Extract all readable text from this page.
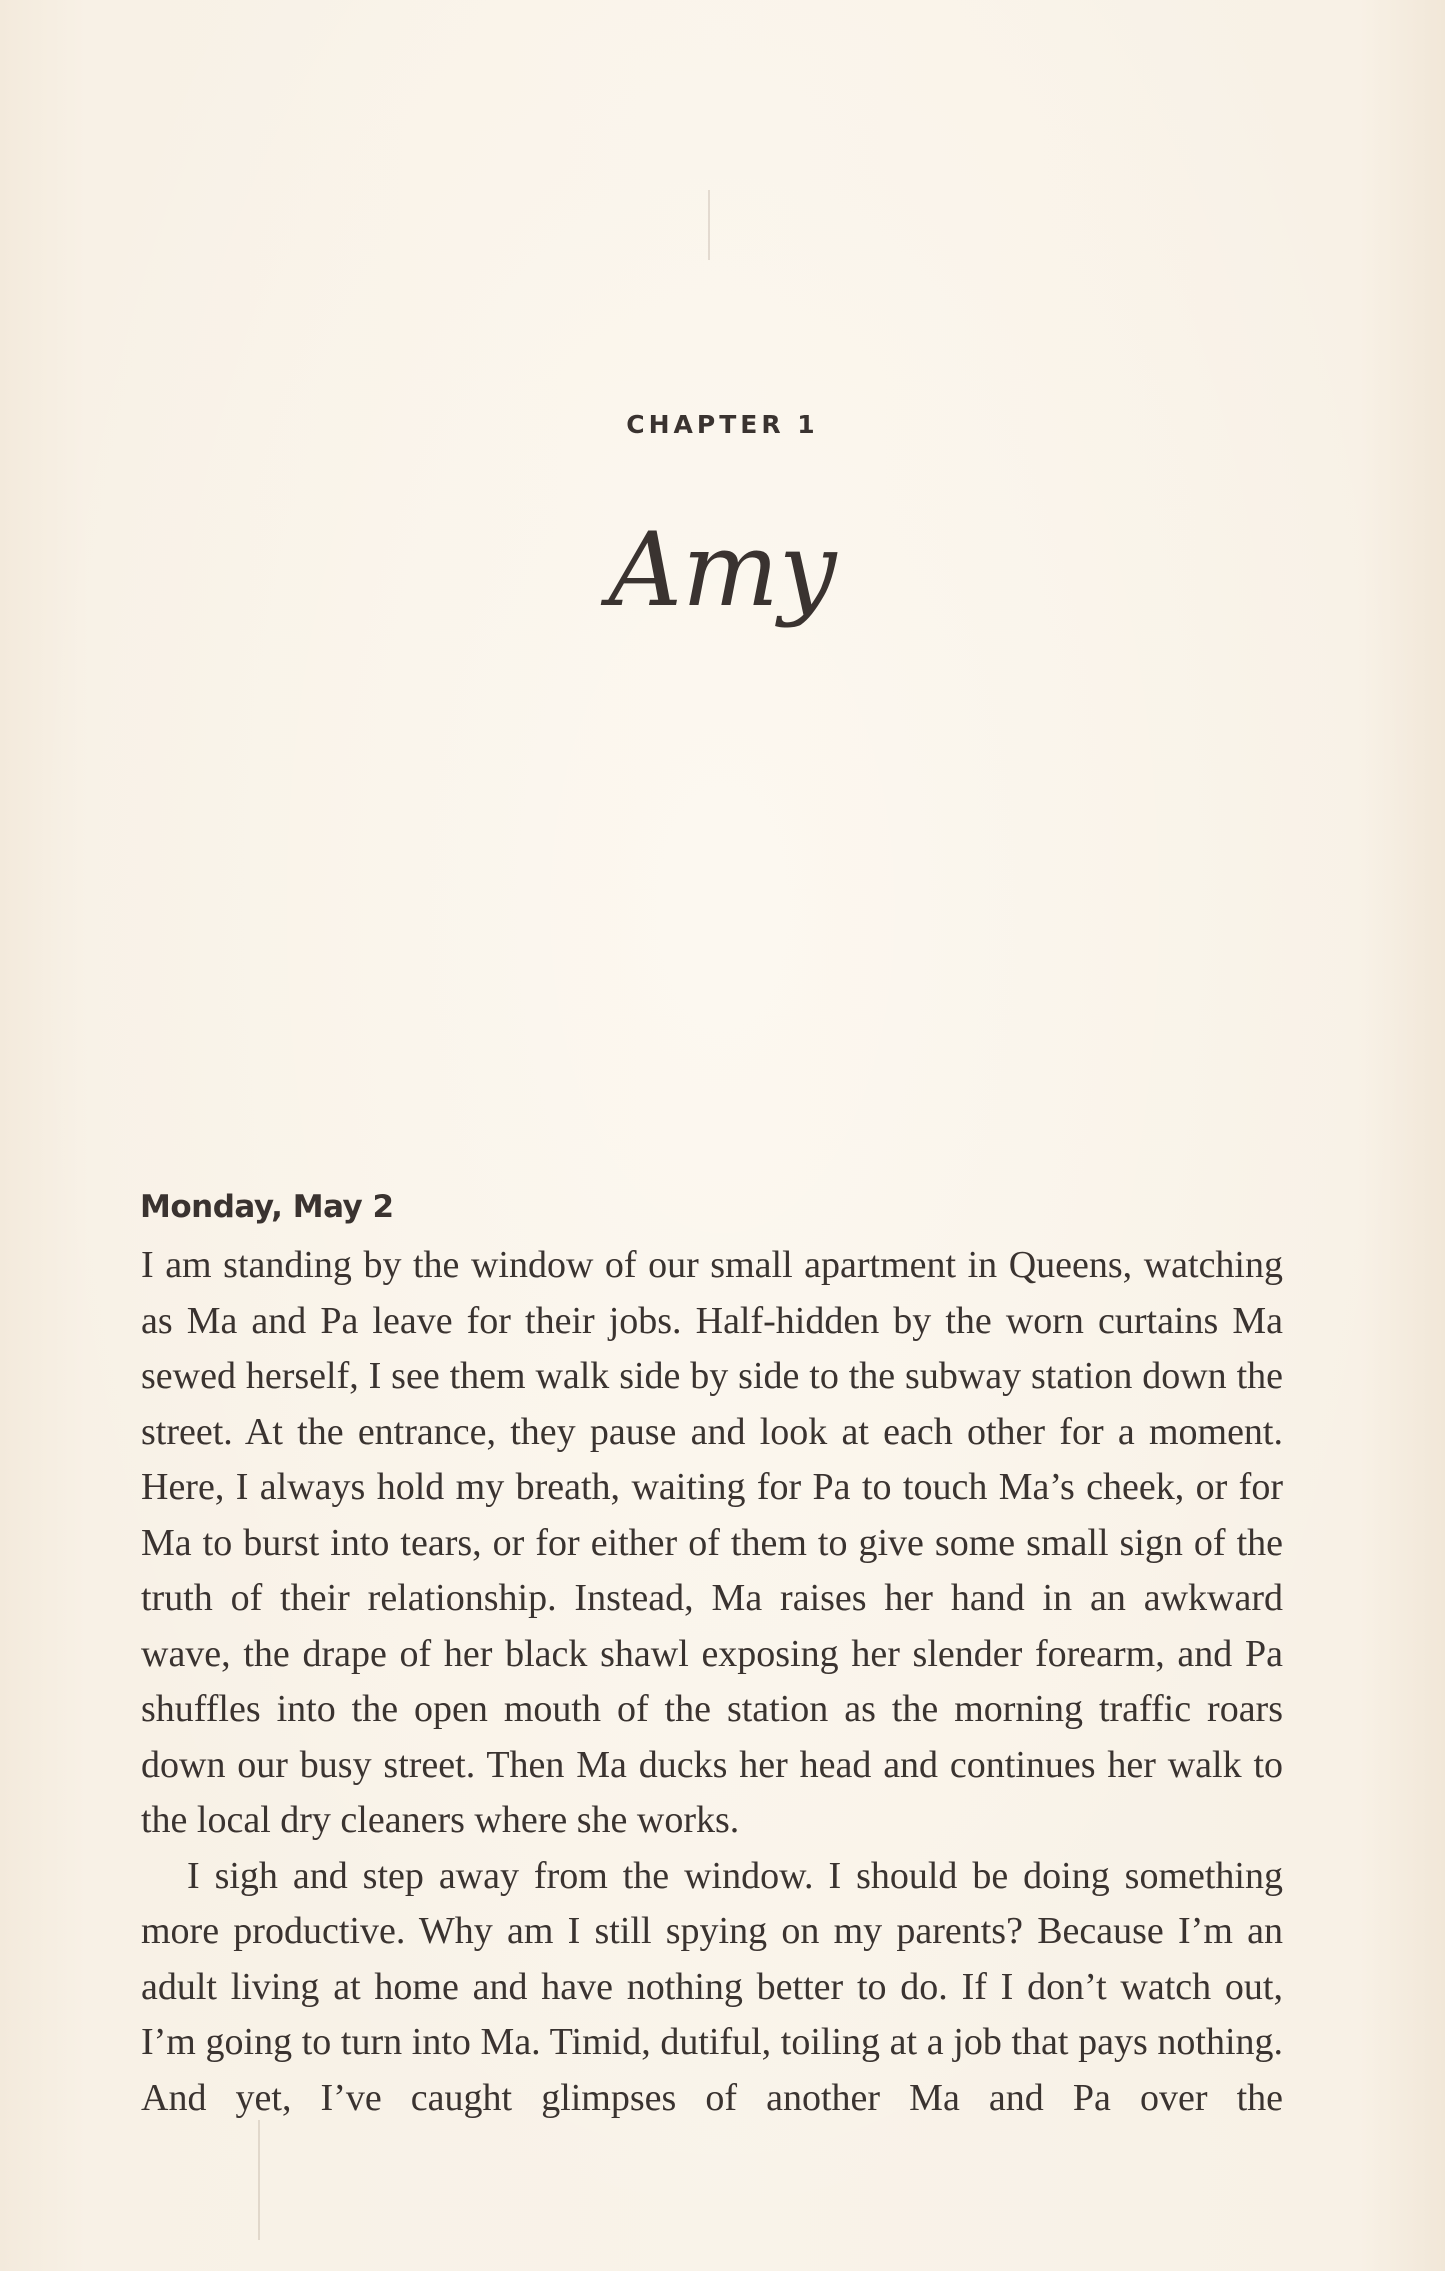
CHAPTER 1
Amy
Monday, May 2

I am standing by the window of our small apartment in Queens, watching as Ma and Pa leave for their jobs. Half-hidden by the worn curtains Ma sewed herself, I see them walk side by side to the subway station down the street. At the entrance, they pause and look at each other for a moment. Here, I always hold my breath, waiting for Pa to touch Ma’s cheek, or for Ma to burst into tears, or for either of them to give some small sign of the truth of their relationship. Instead, Ma raises her hand in an awkward wave, the drape of her black shawl exposing her slender forearm, and Pa shuffles into the open mouth of the station as the morning traffic roars down our busy street. Then Ma ducks her head and continues her walk to the local dry cleaners where she works.

I sigh and step away from the window. I should be doing something more productive. Why am I still spying on my parents? Because I’m an adult living at home and have nothing better to do. If I don’t watch out, I’m going to turn into Ma. Timid, dutiful, toiling at a job that pays nothing. And yet, I’ve caught glimpses of another Ma and Pa over the
